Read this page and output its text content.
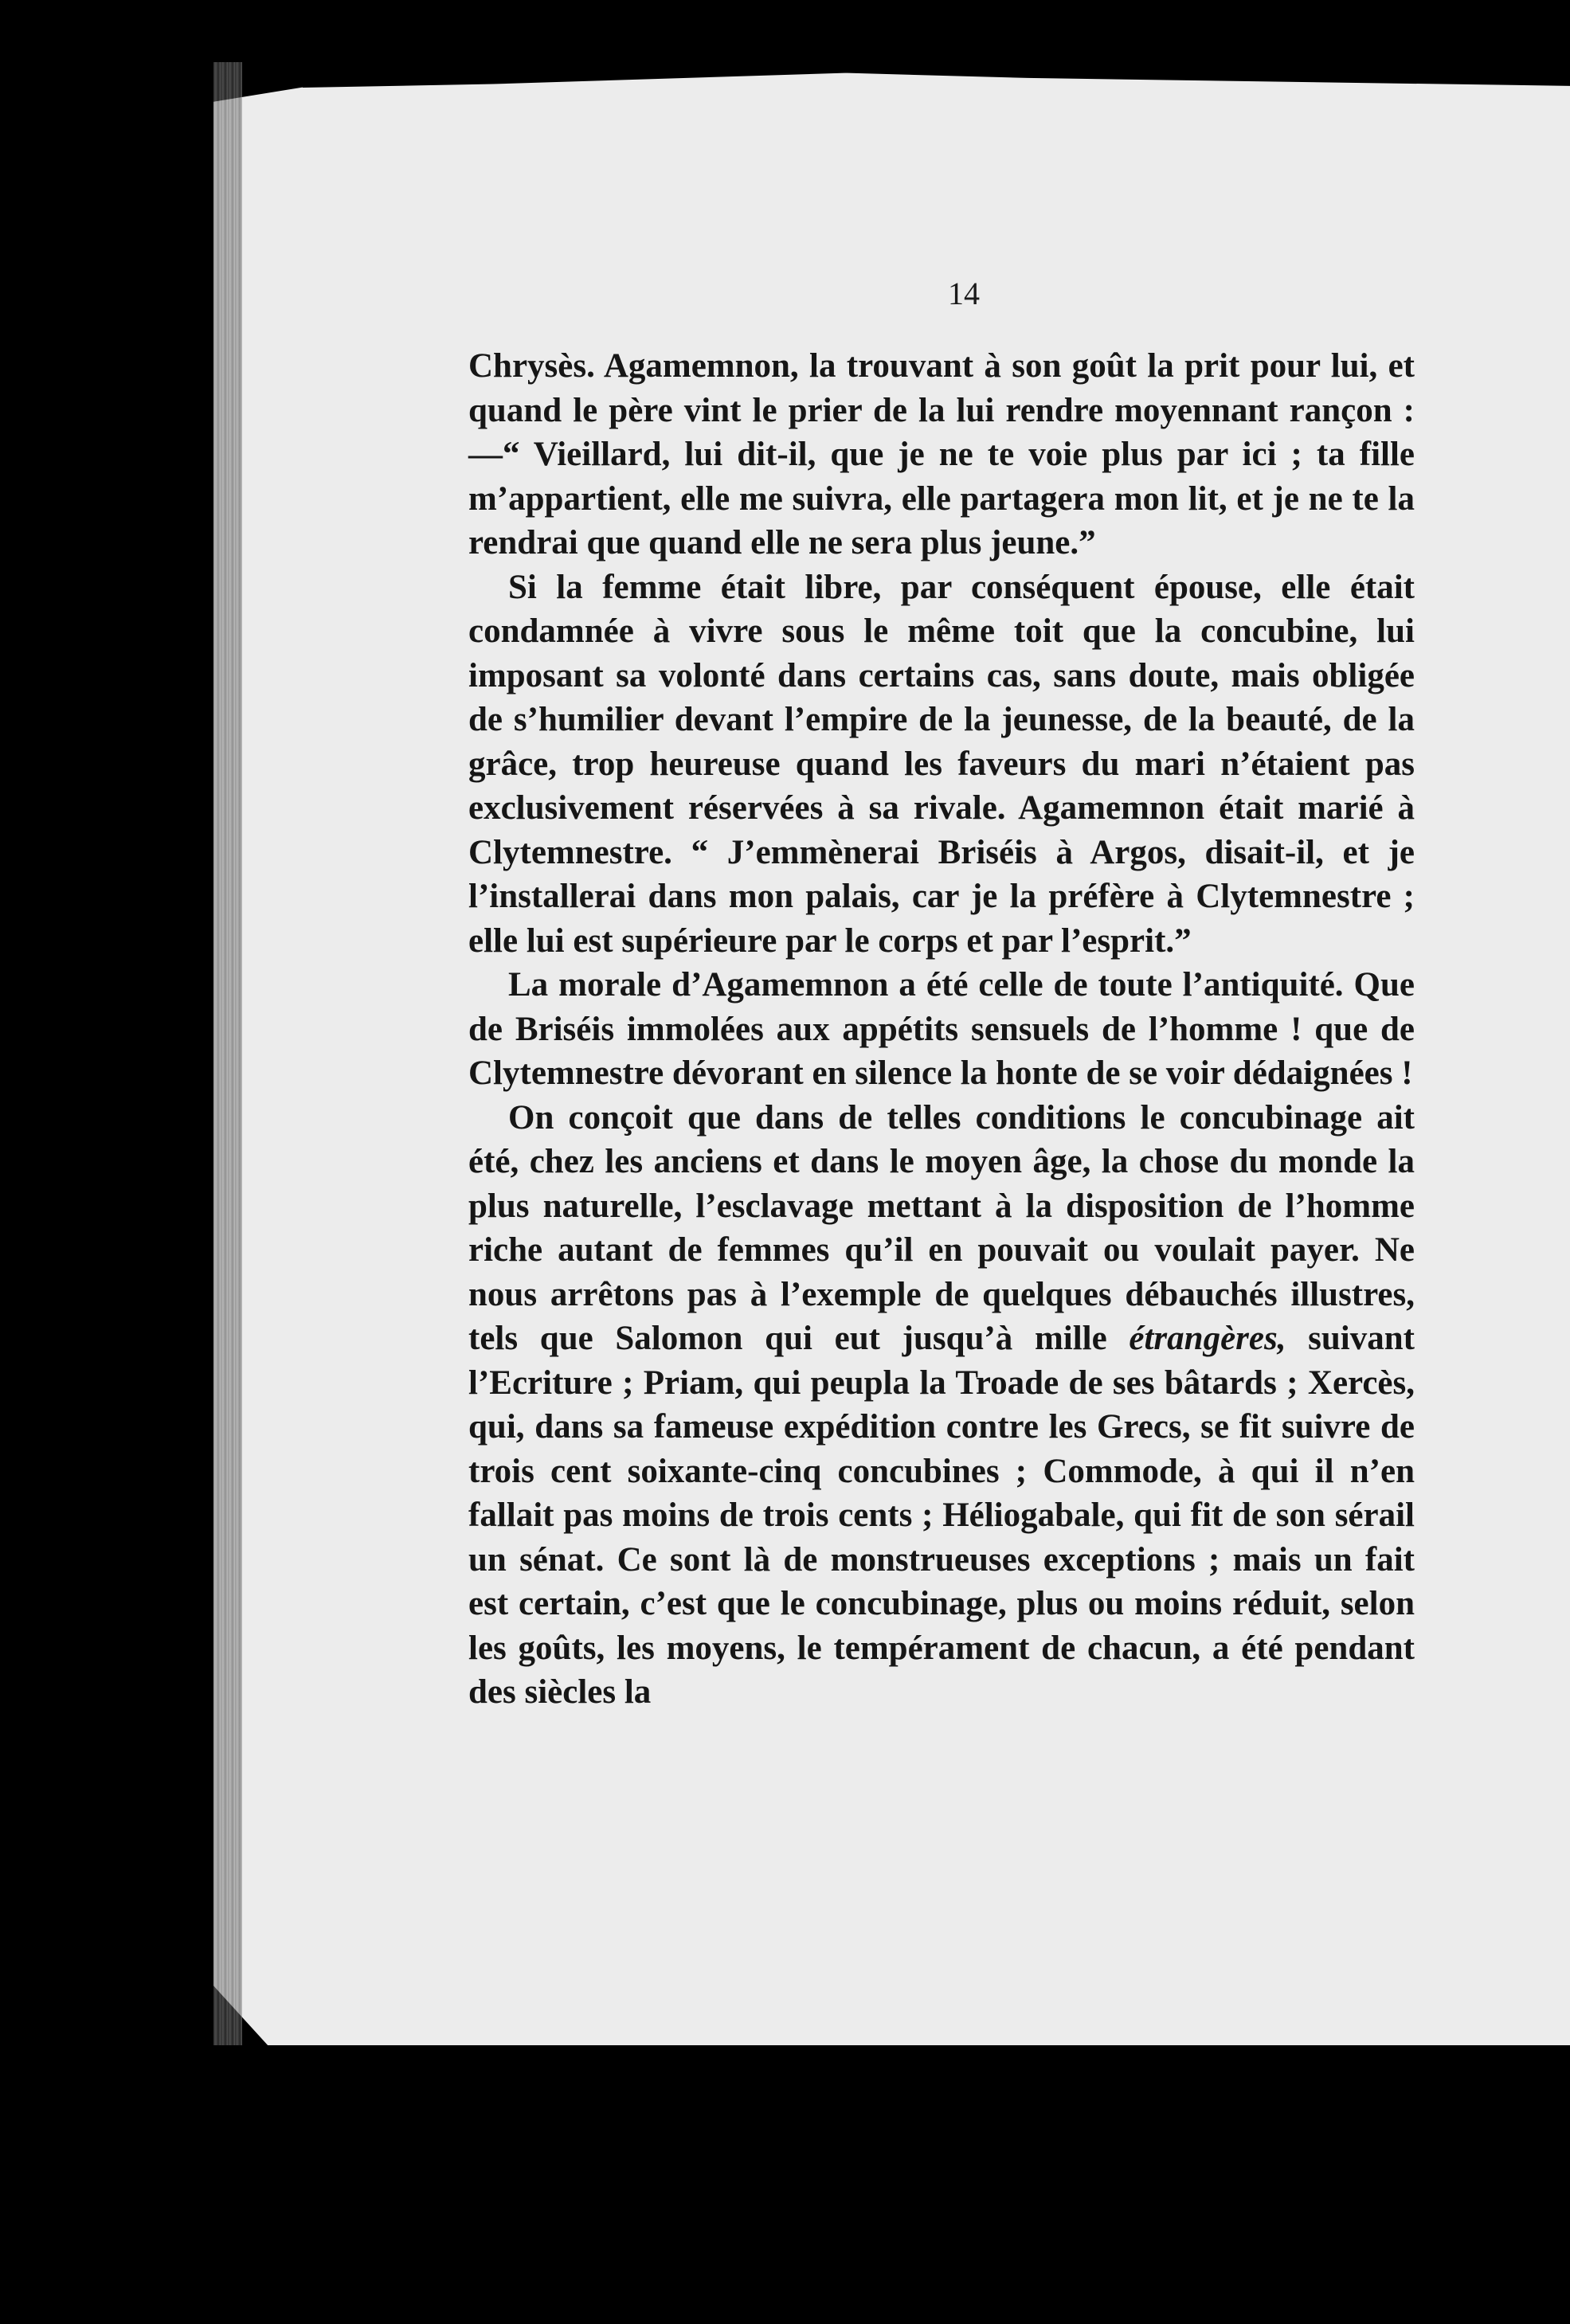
14

Chrysès. Agamemnon, la trouvant à son goût la prit pour lui, et quand le père vint le prier de la lui rendre moyennant rançon :—“ Vieillard, lui dit-il, que je ne te voie plus par ici ; ta fille m’appartient, elle me suivra, elle partagera mon lit, et je ne te la rendrai que quand elle ne sera plus jeune.”

Si la femme était libre, par conséquent épouse, elle était condamnée à vivre sous le même toit que la concubine, lui imposant sa volonté dans certains cas, sans doute, mais obligée de s’humilier devant l’empire de la jeunesse, de la beauté, de la grâce, trop heureuse quand les faveurs du mari n’étaient pas exclusivement réservées à sa rivale. Agamemnon était marié à Clytemnestre. “ J’emmènerai Briséis à Argos, disait-il, et je l’installerai dans mon palais, car je la préfère à Clytemnestre ; elle lui est supérieure par le corps et par l’esprit.”

La morale d’Agamemnon a été celle de toute l’antiquité. Que de Briséis immolées aux appétits sensuels de l’homme ! que de Clytemnestre dévorant en silence la honte de se voir dédaignées !

On conçoit que dans de telles conditions le concubinage ait été, chez les anciens et dans le moyen âge, la chose du monde la plus naturelle, l’esclavage mettant à la disposition de l’homme riche autant de femmes qu’il en pouvait ou voulait payer. Ne nous arrêtons pas à l’exemple de quelques débauchés illustres, tels que Salomon qui eut jusqu’à mille étrangères, suivant l’Ecriture ; Priam, qui peupla la Troade de ses bâtards ; Xercès, qui, dans sa fameuse expédition contre les Grecs, se fit suivre de trois cent soixante-cinq concubines ; Commode, à qui il n’en fallait pas moins de trois cents ; Héliogabale, qui fit de son sérail un sénat. Ce sont là de monstrueuses exceptions ; mais un fait est certain, c’est que le concubinage, plus ou moins réduit, selon les goûts, les moyens, le tempérament de chacun, a été pendant des siècles la
